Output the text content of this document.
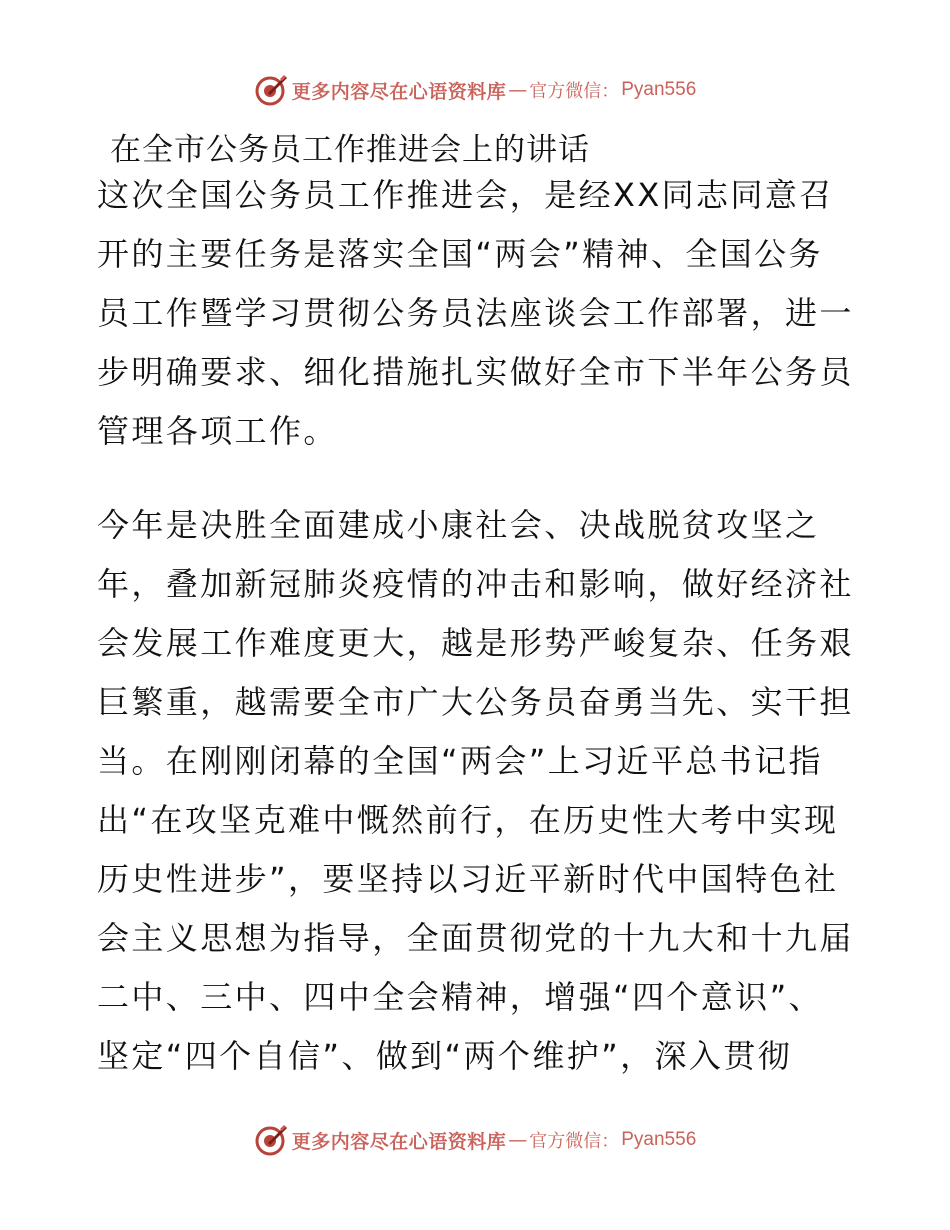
更多内容尽在心语资料库 — 官方微信： Pyan556
在全市公务员工作推进会上的讲话
这次全国公务员工作推进会，是经XX同志同意召
开的主要任务是落实全国“两会”精神、全国公务
员工作暨学习贯彻公务员法座谈会工作部署，进一
步明确要求、细化措施扎实做好全市下半年公务员
管理各项工作。
今年是决胜全面建成小康社会、决战脱贫攻坚之
年，叠加新冠肺炎疫情的冲击和影响，做好经济社
会发展工作难度更大，越是形势严峻复杂、任务艰
巨繁重，越需要全市广大公务员奋勇当先、实干担
当。在刚刚闭幕的全国“两会”上习近平总书记指
出“在攻坚克难中慨然前行，在历史性大考中实现
历史性进步”，要坚持以习近平新时代中国特色社
会主义思想为指导，全面贯彻党的十九大和十九届
二中、三中、四中全会精神，增强“四个意识”、
坚定“四个自信”、做到“两个维护”，深入贯彻
更多内容尽在心语资料库 — 官方微信： Pyan556
